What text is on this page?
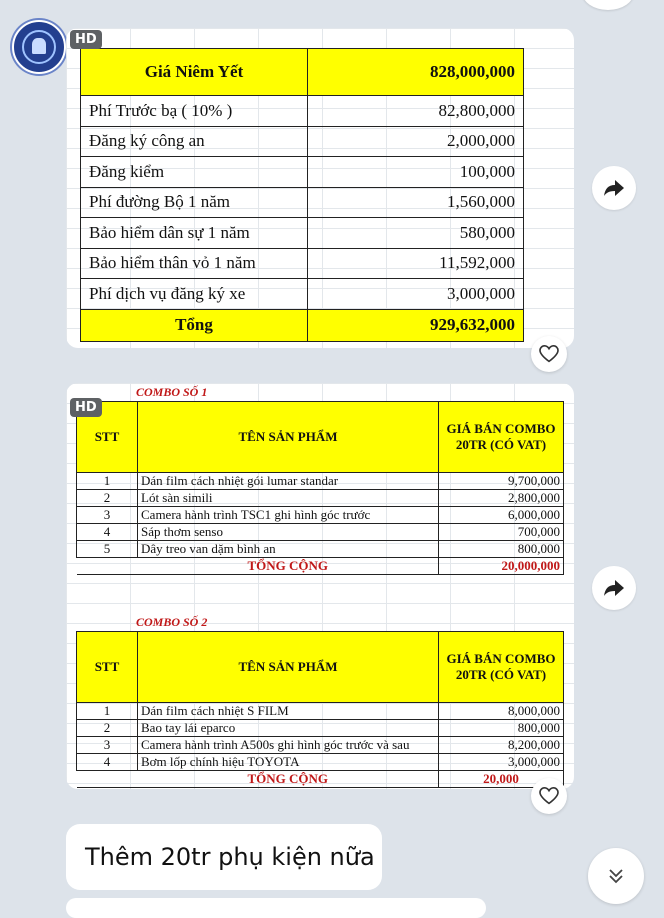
HD
Giá Niêm Yết	828,000,000
Phí Trước bạ ( 10% )	82,800,000
Đăng ký công an	2,000,000
Đăng kiểm	100,000
Phí đường Bộ 1 năm	1,560,000
Bảo hiểm dân sự 1 năm	580,000
Bảo hiểm thân vỏ 1 năm	11,592,000
Phí dịch vụ đăng ký xe	3,000,000
Tổng	929,632,000
HD
COMBO SỐ 1
STT	TÊN SẢN PHẨM	GIÁ BÁN COMBO
20TR (CÓ VAT)

1	Dán film cách nhiệt gói lumar standar	9,700,000
2	Lót sàn simili	2,800,000
3	Camera hành trình TSC1 ghi hình góc trước	6,000,000
4	Sáp thơm senso	700,000
5	Dây treo van dặm bình an	800,000
	TỔNG CỘNG	20,000,000
COMBO SỐ 2
STT	TÊN SẢN PHẨM	GIÁ BÁN COMBO
20TR (CÓ VAT)

1	Dán film cách nhiệt S FILM	8,000,000
2	Bao tay lái eparco	800,000
3	Camera hành trình A500s ghi hình góc trước và sau	8,200,000
4	Bơm lốp chính hiệu TOYOTA	3,000,000
	TỔNG CỘNG	20,000
Thêm 20tr phụ kiện nữa
